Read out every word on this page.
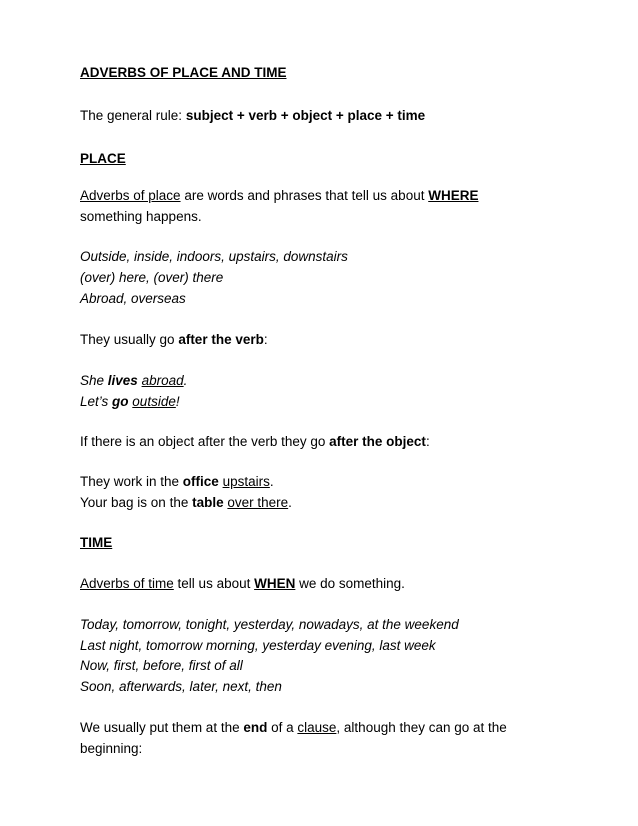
ADVERBS OF PLACE AND TIME
The general rule: subject + verb + object + place + time
PLACE
Adverbs of place are words and phrases that tell us about WHERE
something happens.
Outside, inside, indoors, upstairs, downstairs
(over) here, (over) there
Abroad, overseas
They usually go after the verb:
She lives abroad.
Let’s go outside!
If there is an object after the verb they go after the object:
They work in the office upstairs.
Your bag is on the table over there.
TIME
Adverbs of time tell us about WHEN we do something.
Today, tomorrow, tonight, yesterday, nowadays, at the weekend
Last night, tomorrow morning, yesterday evening, last week
Now, first, before, first of all
Soon, afterwards, later, next, then
We usually put them at the end of a clause, although they can go at the
beginning:
